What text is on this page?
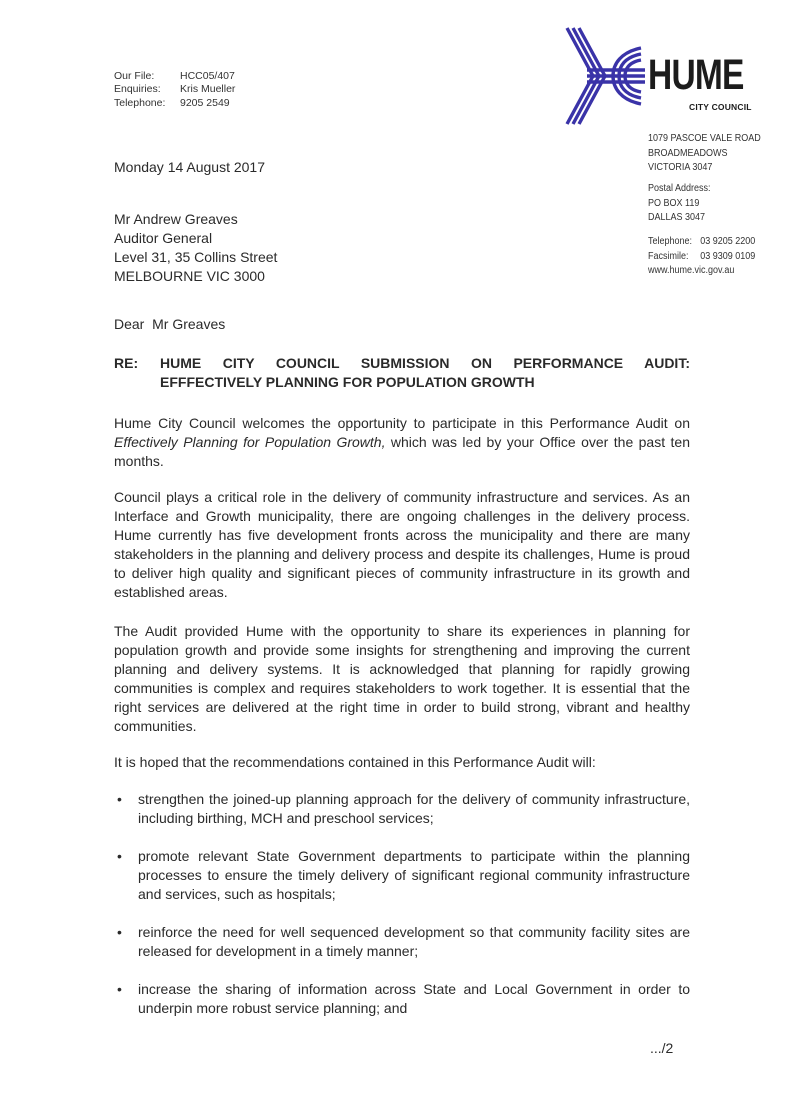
Our File:	HCC05/407
Enquiries:	Kris Mueller
Telephone:	9205 2549
HUME
CITY COUNCIL
1079 PASCOE VALE ROAD
BROADMEADOWS
VICTORIA 3047
Postal Address:
PO BOX 119
DALLAS 3047
Telephone: 03 9205 2200
Facsimile:	03 9309 0109
www.hume.vic.gov.au
Monday 14 August 2017
Mr Andrew Greaves
Auditor General
Level 31, 35 Collins Street
MELBOURNE VIC 3000
Dear  Mr Greaves
RE: HUME CITY COUNCIL SUBMISSION ON PERFORMANCE AUDIT:
EFFFECTIVELY PLANNING FOR POPULATION GROWTH
Hume City Council welcomes the opportunity to participate in this Performance Audit on Effectively Planning for Population Growth, which was led by your Office over the past ten months.
Council plays a critical role in the delivery of community infrastructure and services. As an Interface and Growth municipality, there are ongoing challenges in the delivery process. Hume currently has five development fronts across the municipality and there are many stakeholders in the planning and delivery process and despite its challenges, Hume is proud to deliver high quality and significant pieces of community infrastructure in its growth and established areas.
The Audit provided Hume with the opportunity to share its experiences in planning for population growth and provide some insights for strengthening and improving the current planning and delivery systems. It is acknowledged that planning for rapidly growing communities is complex and requires stakeholders to work together. It is essential that the right services are delivered at the right time in order to build strong, vibrant and healthy communities.
It is hoped that the recommendations contained in this Performance Audit will:
• strengthen the joined-up planning approach for the delivery of community infrastructure, including birthing, MCH and preschool services;
• promote relevant State Government departments to participate within the planning processes to ensure the timely delivery of significant regional community infrastructure and services, such as hospitals;
• reinforce the need for well sequenced development so that community facility sites are released for development in a timely manner;
• increase the sharing of information across State and Local Government in order to underpin more robust service planning; and
.../2
